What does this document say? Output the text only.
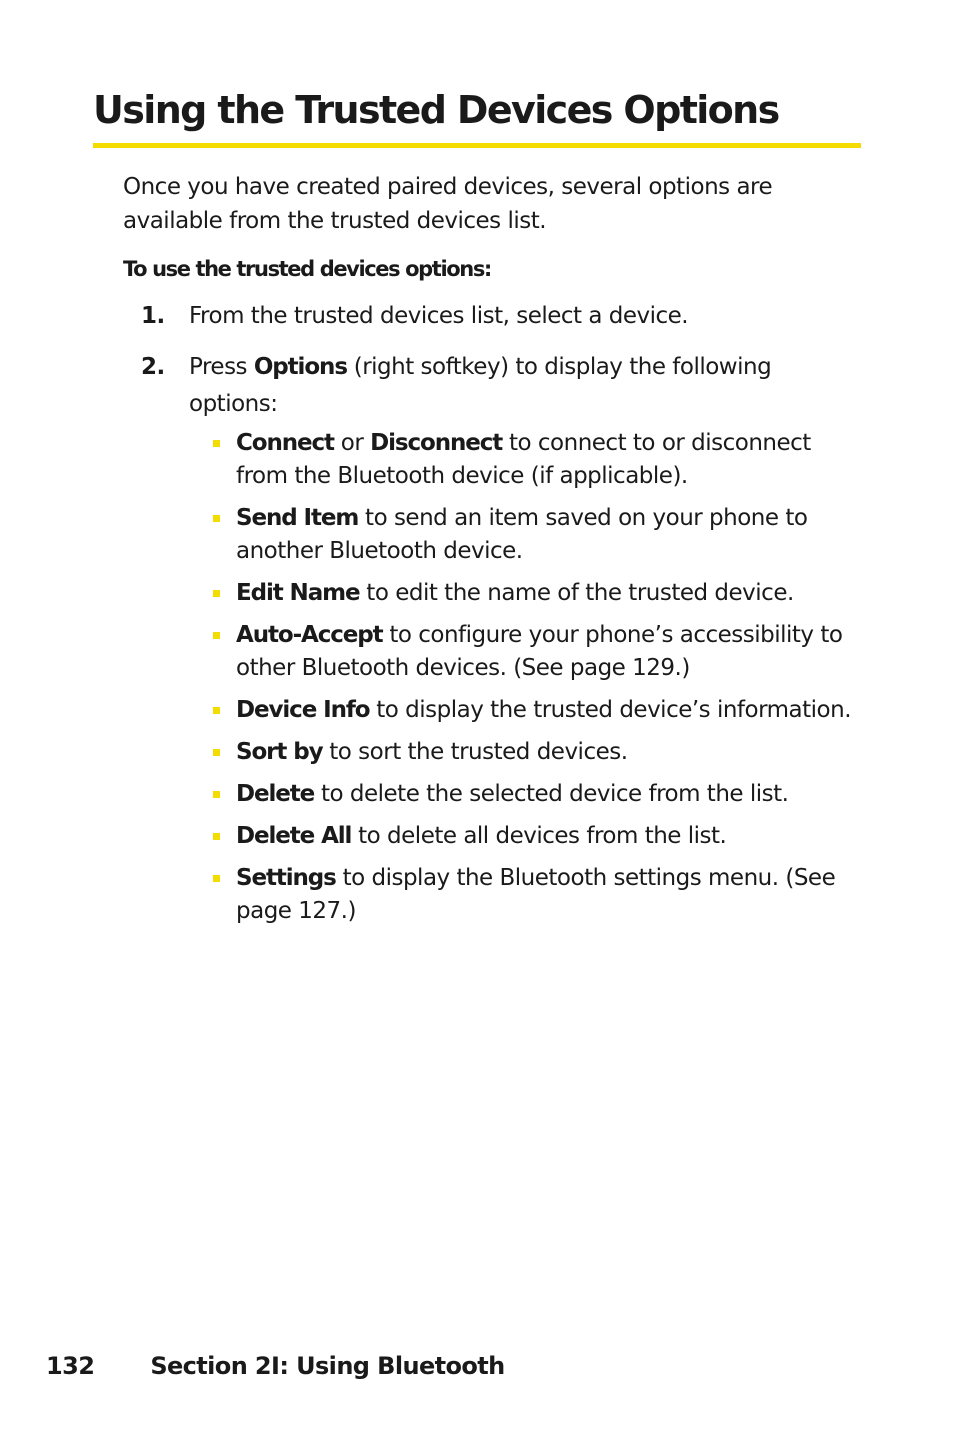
Using the Trusted Devices Options

Once you have created paired devices, several options are available from the trusted devices list.

To use the trusted devices options:

1. From the trusted devices list, select a device.
2. Press Options (right softkey) to display the following options:
Connect or Disconnect to connect to or disconnect from the Bluetooth device (if applicable).
Send Item to send an item saved on your phone to another Bluetooth device.
Edit Name to edit the name of the trusted device.
Auto-Accept to configure your phone’s accessibility to other Bluetooth devices. (See page 129.)
Device Info to display the trusted device’s information.
Sort by to sort the trusted devices.
Delete to delete the selected device from the list.
Delete All to delete all devices from the list.
Settings to display the Bluetooth settings menu. (See page 127.)
132 Section 2I: Using Bluetooth
